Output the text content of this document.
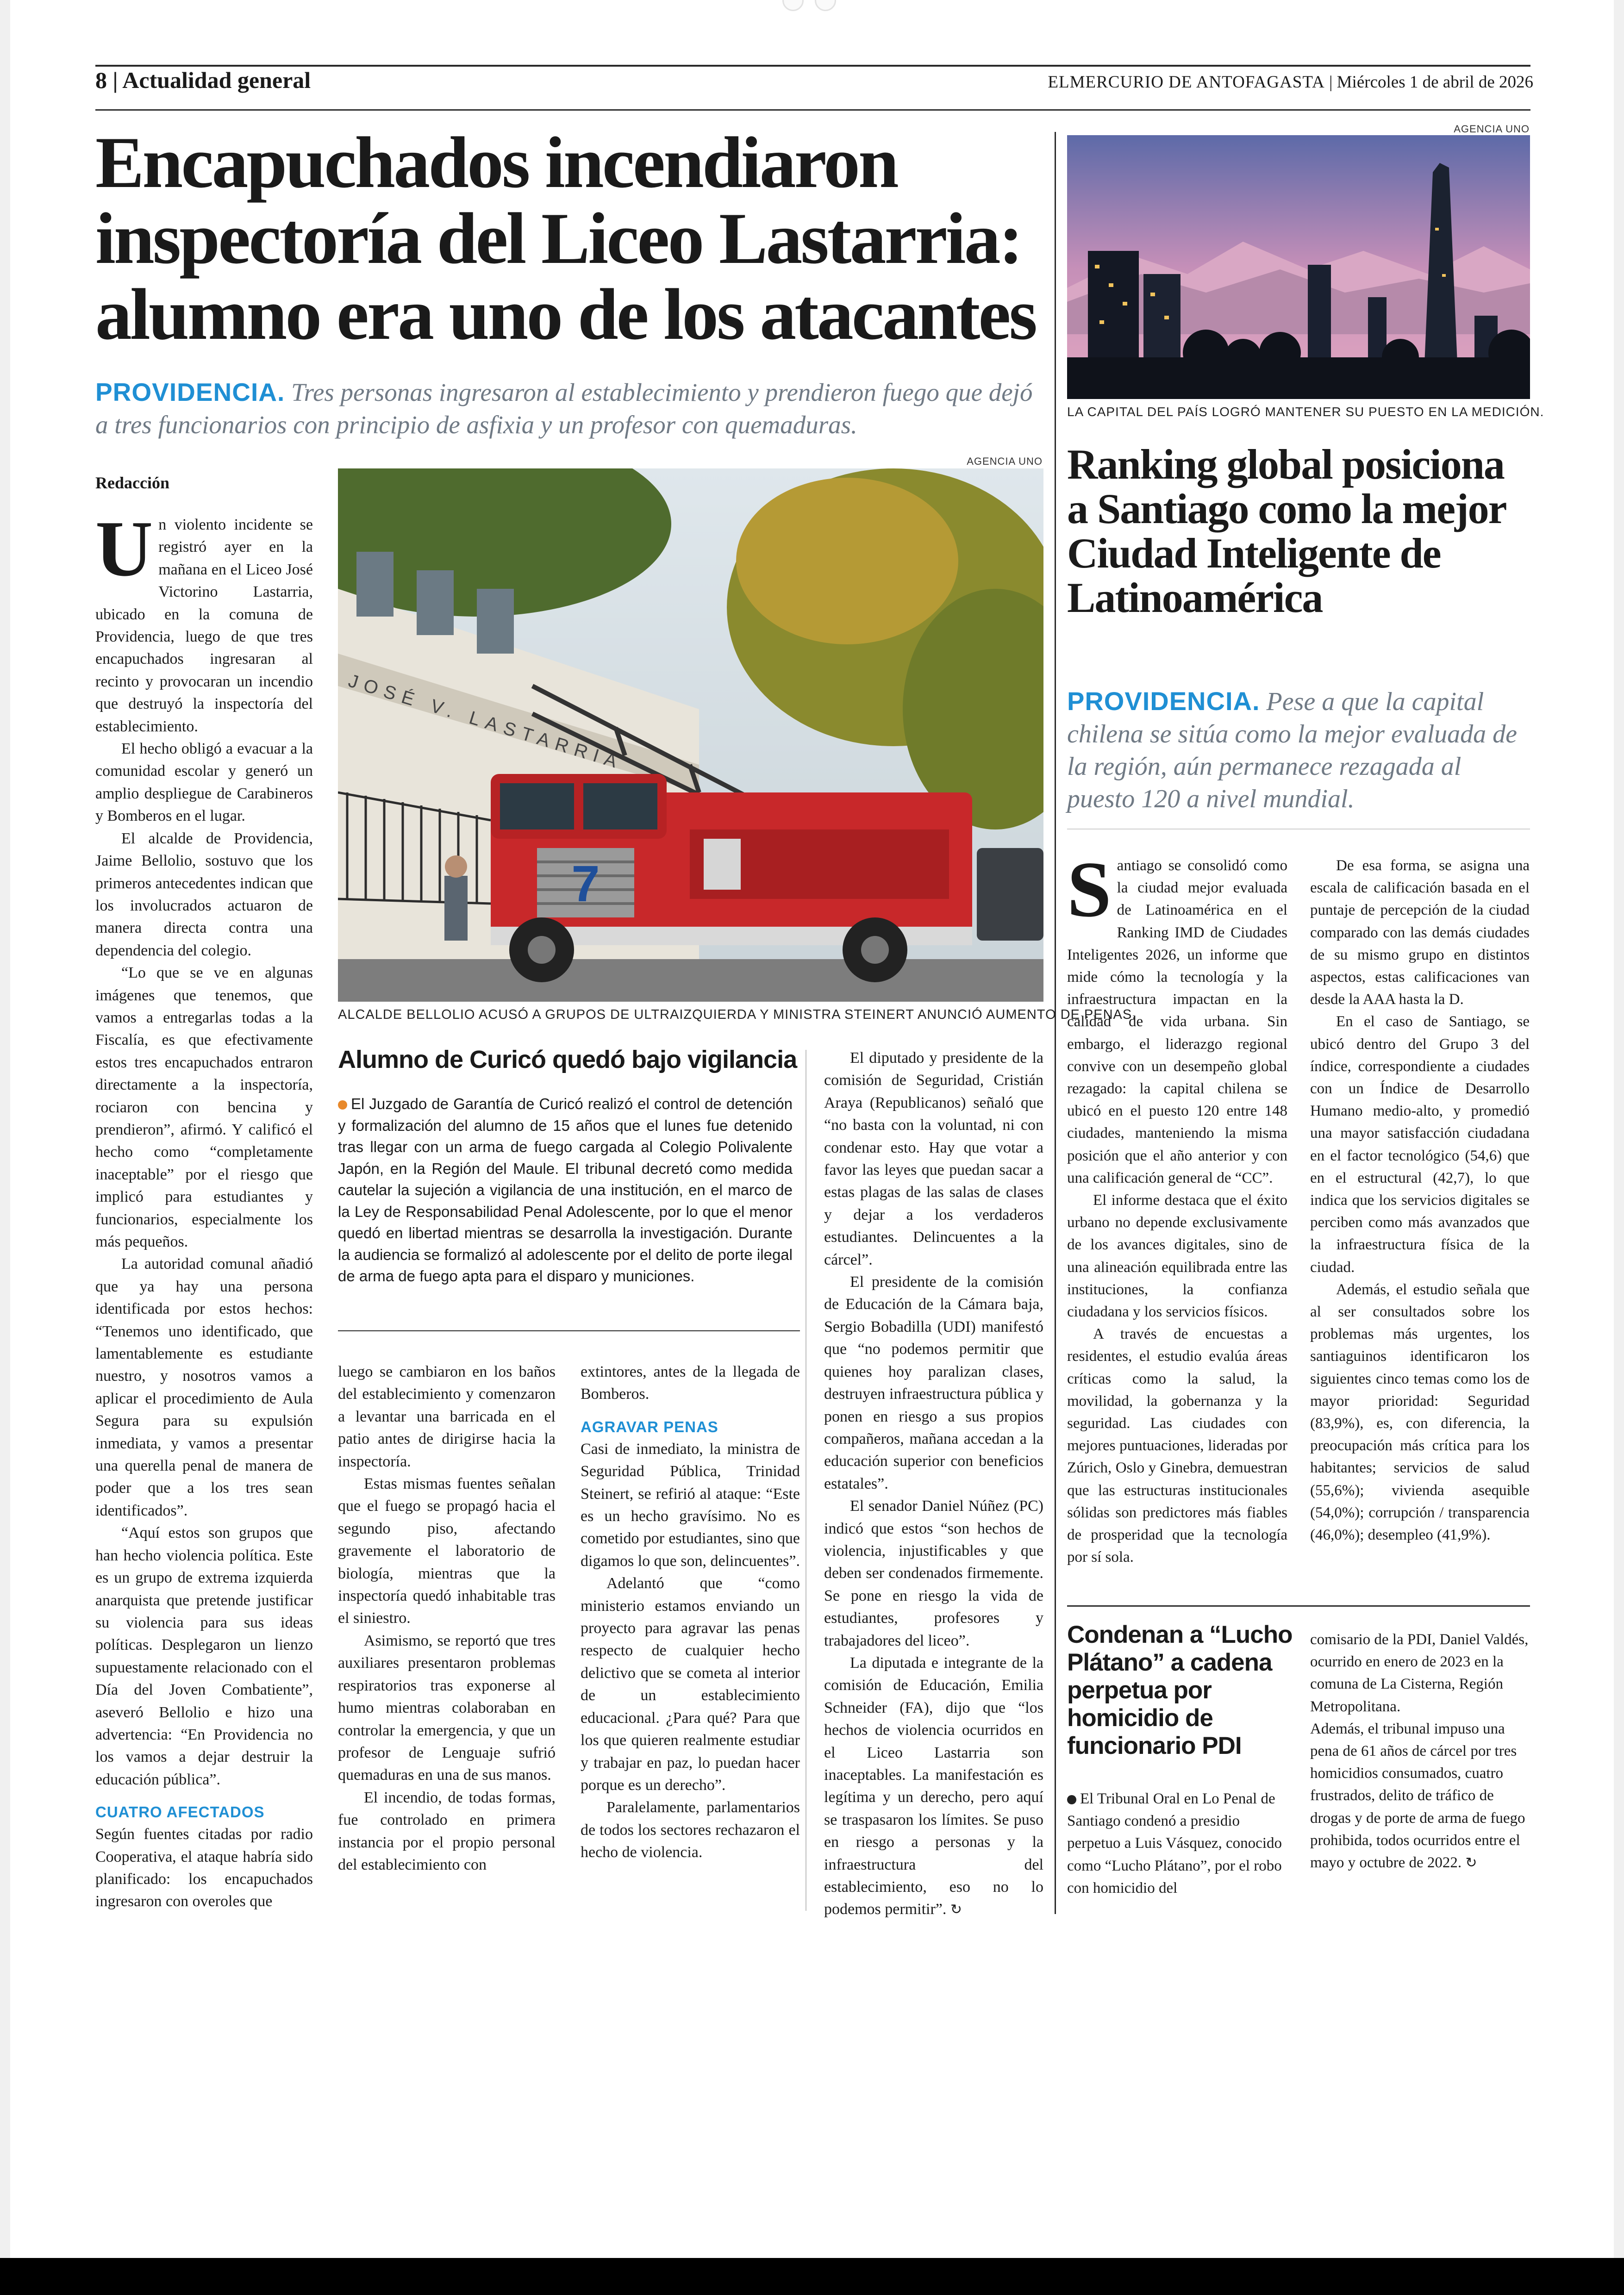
8 | Actualidad general	ELMERCURIO DE ANTOFAGASTA | Miércoles 1 de abril de 2026
Encapuchados incendiaron inspectoría del Liceo Lastarria: alumno era uno de los atacantes
PROVIDENCIA. Tres personas ingresaron al establecimiento y prendieron fuego que dejó a tres funcionarios con principio de asfixia y un profesor con quemaduras.
Redacción
AGENCIA UNO
JOSÉ V. LASTARRIA
7
ALCALDE BELLOLIO ACUSÓ A GRUPOS DE ULTRAIZQUIERDA Y MINISTRA STEINERT ANUNCIÓ AUMENTO DE PENAS.
U n violento incidente se registró ayer en la mañana en el Liceo José Victorino Lastarria, ubicado en la comuna de Providencia, luego de que tres encapuchados ingresaran al recinto y provocaran un incendio que destruyó la inspectoría del establecimiento.

El hecho obligó a evacuar a la comunidad escolar y generó un amplio despliegue de Carabineros y Bomberos en el lugar.

El alcalde de Providencia, Jaime Bellolio, sostuvo que los primeros antecedentes indican que los involucrados actuaron de manera directa contra una dependencia del colegio.

“Lo que se ve en algunas imágenes que tenemos, que vamos a entregarlas todas a la Fiscalía, es que efectivamente estos tres encapuchados entraron directamente a la inspectoría, rociaron con bencina y prendieron”, afirmó. Y calificó el hecho como “completamente inaceptable” por el riesgo que implicó para estudiantes y funcionarios, especialmente los más pequeños.

La autoridad comunal añadió que ya hay una persona identificada por estos hechos: “Tenemos uno identificado, que lamentablemente es estudiante nuestro, y nosotros vamos a aplicar el procedimiento de Aula Segura para su expulsión inmediata, y vamos a presentar una querella penal de manera de poder que a los tres sean identificados”.

“Aquí estos son grupos que han hecho violencia política. Este es un grupo de extrema izquierda anarquista que pretende justificar su violencia para sus ideas políticas. Desplegaron un lienzo supuestamente relacionado con el Día del Joven Combatiente”, aseveró Bellolio e hizo una advertencia: “En Providencia no los vamos a dejar destruir la educación pública”.

CUATRO AFECTADOS

Según fuentes citadas por radio Cooperativa, el ataque habría sido planificado: los encapuchados ingresaron con overoles que

Alumno de Curicó quedó bajo vigilancia
El Juzgado de Garantía de Curicó realizó el control de detención y formalización del alumno de 15 años que el lunes fue detenido tras llegar con un arma de fuego cargada al Colegio Polivalente Japón, en la Región del Maule. El tribunal decretó como medida cautelar la sujeción a vigilancia de una institución, en el marco de la Ley de Responsabilidad Penal Adolescente, por lo que el menor quedó en libertad mientras se desarrolla la investigación. Durante la audiencia se formalizó al adolescente por el delito de porte ilegal de arma de fuego apta para el disparo y municiones.

luego se cambiaron en los baños del establecimiento y comenzaron a levantar una barricada en el patio antes de dirigirse hacia la inspectoría.

Estas mismas fuentes señalan que el fuego se propagó hacia el segundo piso, afectando gravemente el laboratorio de biología, mientras que la inspectoría quedó inhabitable tras el siniestro.

Asimismo, se reportó que tres auxiliares presentaron problemas respiratorios tras exponerse al humo mientras colaboraban en controlar la emergencia, y que un profesor de Lenguaje sufrió quemaduras en una de sus manos.

El incendio, de todas formas, fue controlado en primera instancia por el propio personal del establecimiento con

extintores, antes de la llegada de Bomberos.

AGRAVAR PENAS

Casi de inmediato, la ministra de Seguridad Pública, Trinidad Steinert, se refirió al ataque: “Este es un hecho gravísimo. No es cometido por estudiantes, sino que digamos lo que son, delincuentes”.

Adelantó que “como ministerio estamos enviando un proyecto para agravar las penas respecto de cualquier hecho delictivo que se cometa al interior de un establecimiento educacional. ¿Para qué? Para que los que quieren realmente estudiar y trabajar en paz, lo puedan hacer porque es un derecho”.

Paralelamente, parlamentarios de todos los sectores rechazaron el hecho de violencia.

El diputado y presidente de la comisión de Seguridad, Cristián Araya (Republicanos) señaló que “no basta con la voluntad, ni con condenar esto. Hay que votar a favor las leyes que puedan sacar a estas plagas de las salas de clases y dejar a los verdaderos estudiantes. Delincuentes a la cárcel”.

El presidente de la comisión de Educación de la Cámara baja, Sergio Bobadilla (UDI) manifestó que “no podemos permitir que quienes hoy paralizan clases, destruyen infraestructura pública y ponen en riesgo a sus propios compañeros, mañana accedan a la educación superior con beneficios estatales”.

El senador Daniel Núñez (PC) indicó que estos “son hechos de violencia, injustificables y que deben ser condenados firmemente. Se pone en riesgo la vida de estudiantes, profesores y trabajadores del liceo”.

La diputada e integrante de la comisión de Educación, Emilia Schneider (FA), dijo que “los hechos de violencia ocurridos en el Liceo Lastarria son inaceptables. La manifestación es legítima y un derecho, pero aquí se traspasaron los límites. Se puso en riesgo a personas y la infraestructura del establecimiento, eso no lo podemos permitir”. ↻

AGENCIA UNO
LA CAPITAL DEL PAÍS LOGRÓ MANTENER SU PUESTO EN LA MEDICIÓN.
Ranking global posiciona a Santiago como la mejor Ciudad Inteligente de Latinoamérica
PROVIDENCIA. Pese a que la capital chilena se sitúa como la mejor evaluada de la región, aún permanece rezagada al puesto 120 a nivel mundial.
S antiago se consolidó como la ciudad mejor evaluada de Latinoamérica en el Ranking IMD de Ciudades Inteligentes 2026, un informe que mide cómo la tecnología y la infraestructura impactan en la calidad de vida urbana. Sin embargo, el liderazgo regional convive con un desempeño global rezagado: la capital chilena se ubicó en el puesto 120 entre 148 ciudades, manteniendo la misma posición que el año anterior y con una calificación general de “CC”.

El informe destaca que el éxito urbano no depende exclusivamente de los avances digitales, sino de una alineación equilibrada entre las instituciones, la confianza ciudadana y los servicios físicos.

A través de encuestas a residentes, el estudio evalúa áreas críticas como la salud, la movilidad, la gobernanza y la seguridad. Las ciudades con mejores puntuaciones, lideradas por Zúrich, Oslo y Ginebra, demuestran que las estructuras institucionales sólidas son predictores más fiables de prosperidad que la tecnología por sí sola.

De esa forma, se asigna una escala de calificación basada en el puntaje de percepción de la ciudad comparado con las demás ciudades de su mismo grupo en distintos aspectos, estas calificaciones van desde la AAA hasta la D.

En el caso de Santiago, se ubicó dentro del Grupo 3 del índice, correspondiente a ciudades con un Índice de Desarrollo Humano medio-alto, y promedió una mayor satisfacción ciudadana en el factor tecnológico (54,6) que en el estructural (42,7), lo que indica que los servicios digitales se perciben como más avanzados que la infraestructura física de la ciudad.

Además, el estudio señala que al ser consultados sobre los problemas más urgentes, los santiaguinos identificaron los siguientes cinco temas como los de mayor prioridad: Seguridad (83,9%), es, con diferencia, la preocupación más crítica para los habitantes; servicios de salud (55,6%); vivienda asequible (54,0%); corrupción / transparencia (46,0%); desempleo (41,9%).

Condenan a “Lucho Plátano” a cadena perpetua por homicidio de funcionario PDI

El Tribunal Oral en Lo Penal de Santiago condenó a presidio perpetuo a Luis Vásquez, conocido como “Lucho Plátano”, por el robo con homicidio del

comisario de la PDI, Daniel Valdés, ocurrido en enero de 2023 en la comuna de La Cisterna, Región Metropolitana.

Además, el tribunal impuso una pena de 61 años de cárcel por tres homicidios consumados, cuatro frustrados, delito de tráfico de drogas y de porte de arma de fuego prohibida, todos ocurridos entre el mayo y octubre de 2022. ↻
